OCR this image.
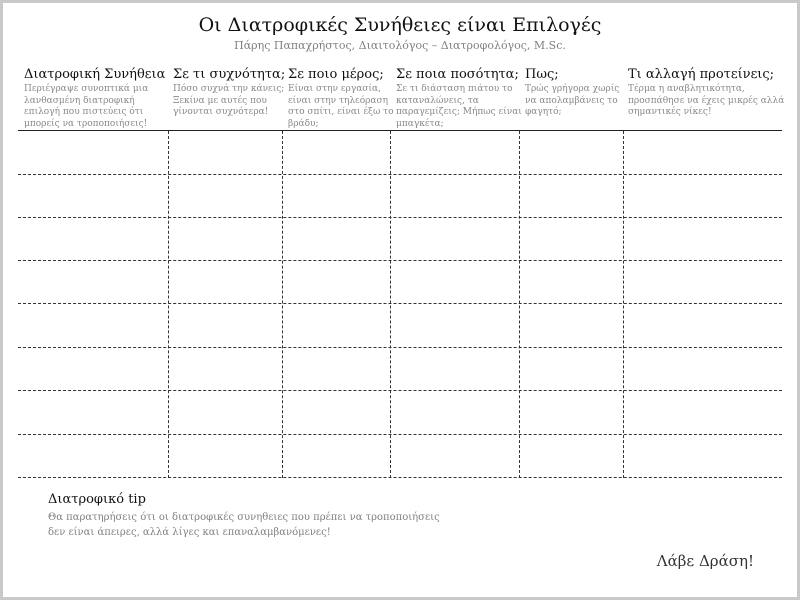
Οι Διατροφικές Συνήθειες είναι Επιλογές
Πάρης Παπαχρήστος, Διαιτολόγος – Διατροφολόγος, M.Sc.
Διατροφική Συνήθεια
Περιέγραψε συνοπτικά μια
λανθασμένη διατροφική
επιλογή που πιστεύεις ότι
μπορείς να τροποποιήσεις!
Σε τι συχνότητα;
Πόσο συχνά την κάνεις;
Ξεκίνα με αυτές που
γίνονται συχνότερα!
Σε ποιο μέρος;
Είναι στην εργασία,
είναι στην τηλεόραση
στο σπίτι, είναι έξω το
βράδυ;
Σε ποια ποσότητα;
Σε τι διάσταση πιάτου το
καταναλώνεις, τα
παραγεμίζεις; Μήπως είναι
μπαγκέτα;
Πως;
Τρώς γρήγορα χωρίς
να απολαμβάνεις το
φαγητό;
Τι αλλαγή προτείνεις;
Τέρμα η αναβλητικότητα,
προσπάθησε να έχεις μικρές αλλά
σημαντικές νίκες!
Διατροφικό tip
Θα παρατηρήσεις ότι οι διατροφικές συνηθειες που πρέπει να τροποποιήσεις
δεν είναι άπειρες, αλλά λίγες και επαναλαμβανόμενες!
Λάβε Δράση!
